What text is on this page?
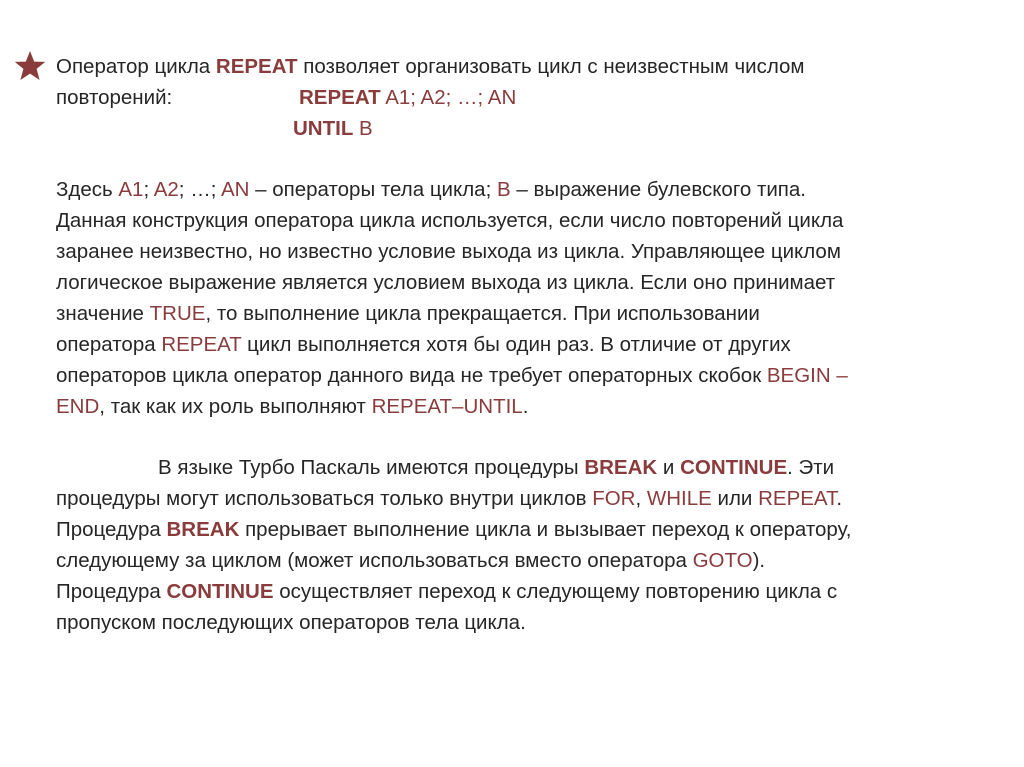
Оператор цикла REPEAT позволяет организовать цикл с неизвестным числом
повторений:	REPEAT A1; A2; …; AN
UNTIL B
Здесь A1; A2; …; AN – операторы тела цикла; B – выражение булевского типа.
Данная конструкция оператора цикла используется, если число повторений цикла
заранее неизвестно, но известно условие выхода из цикла. Управляющее циклом
логическое выражение является условием выхода из цикла. Если оно принимает
значение TRUE, то выполнение цикла прекращается. При использовании
оператора REPEAT цикл выполняется хотя бы один раз. В отличие от других
операторов цикла оператор данного вида не требует операторных скобок BEGIN –
END, так как их роль выполняют REPEAT–UNTIL.
В языке Турбо Паскаль имеются процедуры BREAK и CONTINUE. Эти
процедуры могут использоваться только внутри циклов FOR, WHILE или REPEAT.
Процедура BREAK прерывает выполнение цикла и вызывает переход к оператору,
следующему за циклом (может использоваться вместо оператора GOTO).
Процедура CONTINUE осуществляет переход к следующему повторению цикла с
пропуском последующих операторов тела цикла.
